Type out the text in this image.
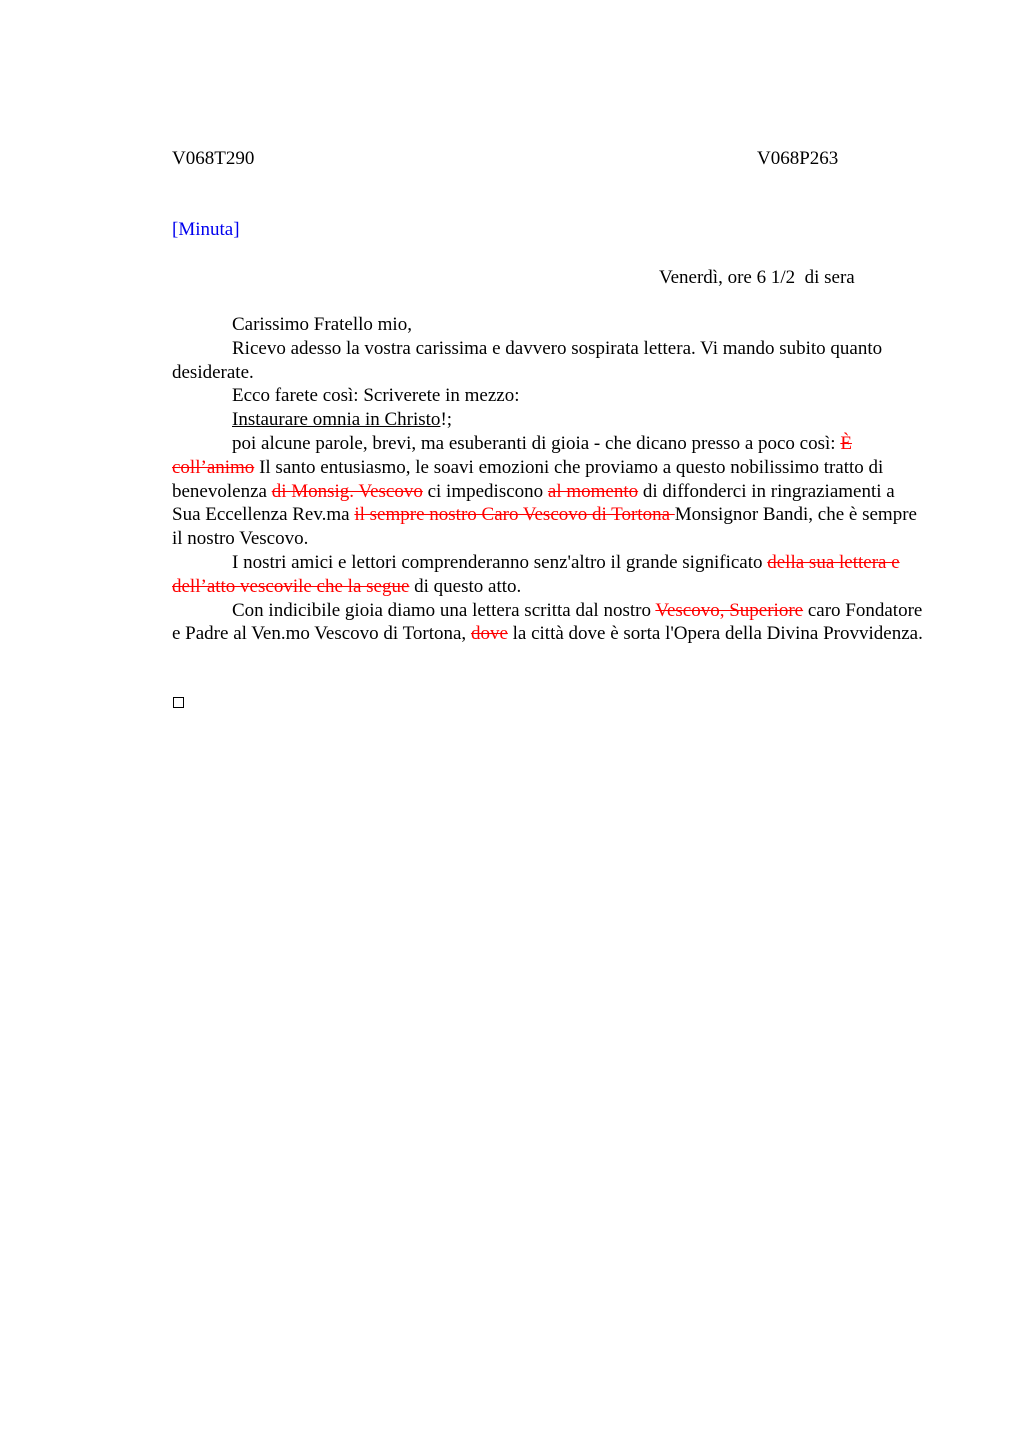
V068T290	V068P263
[Minuta]
Venerdì, ore 6 1/2  di sera

Carissimo Fratello mio,

Ricevo adesso la vostra carissima e davvero sospirata lettera. Vi mando subito quanto desiderate.

Ecco farete così: Scriverete in mezzo:

Instaurare omnia in Christo!;

poi alcune parole, brevi, ma esuberanti di gioia - che dicano presso a poco così: È coll’animo Il santo entusiasmo, le soavi emozioni che proviamo a questo nobilissimo tratto di benevolenza di Monsig. Vescovo ci impediscono al momento di diffonderci in ringraziamenti a Sua Eccellenza Rev.ma il sempre nostro Caro Vescovo di Tortona Monsignor Bandi, che è sempre il nostro Vescovo.

I nostri amici e lettori comprenderanno senz'altro il grande significato della sua lettera e dell’atto vescovile che la segue di questo atto.

Con indicibile gioia diamo una lettera scritta dal nostro Vescovo, Superiore caro Fondatore e Padre al Ven.mo Vescovo di Tortona, dove la città dove è sorta l'Opera della Divina Provvidenza.
